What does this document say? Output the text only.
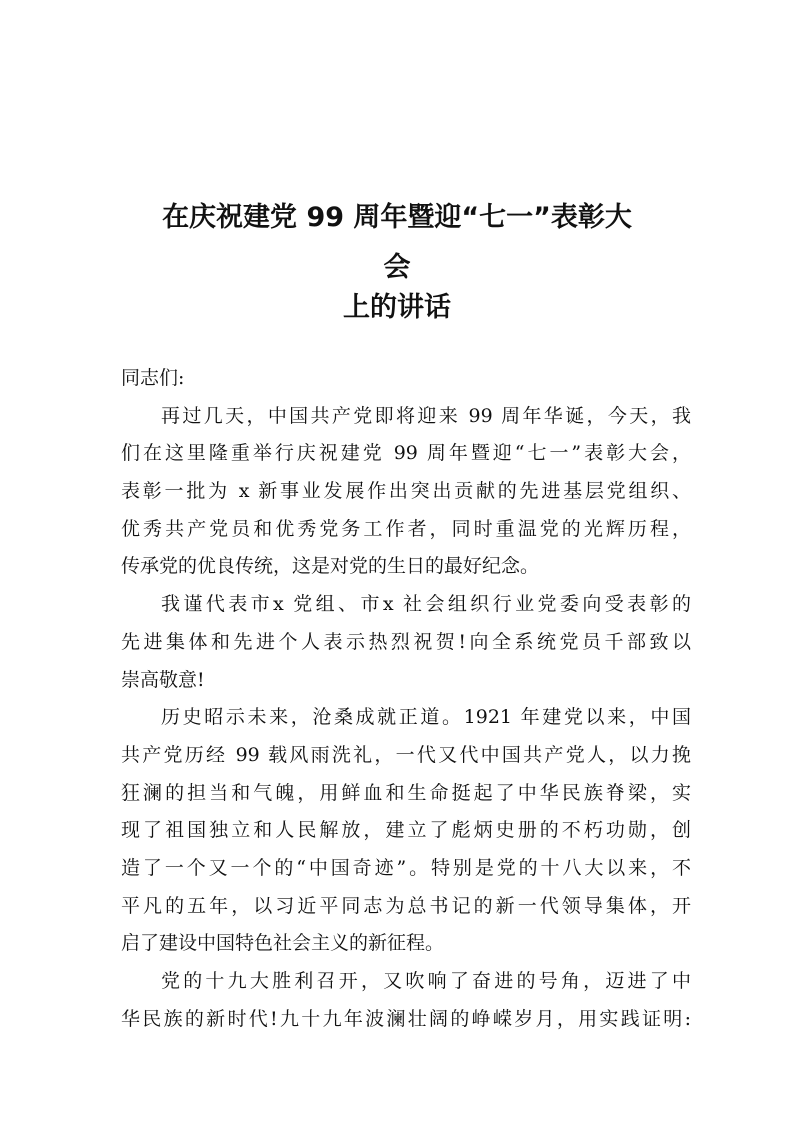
在庆祝建党 99 周年暨迎“七一”表彰大
会
上的讲话
同志们:
再过几天，中国共产党即将迎来 99 周年华诞，今天，我
们在这里隆重举行庆祝建党 99 周年暨迎“七一”表彰大会，
表彰一批为 x 新事业发展作出突出贡献的先进基层党组织、
优秀共产党员和优秀党务工作者，同时重温党的光辉历程，
传承党的优良传统，这是对党的生日的最好纪念。
我谨代表市x 党组、市x 社会组织行业党委向受表彰的
先进集体和先进个人表示热烈祝贺!向全系统党员千部致以
崇高敬意!
历史昭示未来，沧桑成就正道。1921 年建党以来，中国
共产党历经 99 载风雨洗礼，一代又代中国共产党人，以力挽
狂澜的担当和气魄，用鲜血和生命挺起了中华民族脊梁，实
现了祖国独立和人民解放，建立了彪炳史册的不朽功勋，创
造了一个又一个的“中国奇迹”。特别是党的十八大以来，不
平凡的五年，以习近平同志为总书记的新一代领导集体，开
启了建设中国特色社会主义的新征程。
党的十九大胜利召开，又吹响了奋进的号角，迈进了中
华民族的新时代!九十九年波澜壮阔的峥嵘岁月，用实践证明:
